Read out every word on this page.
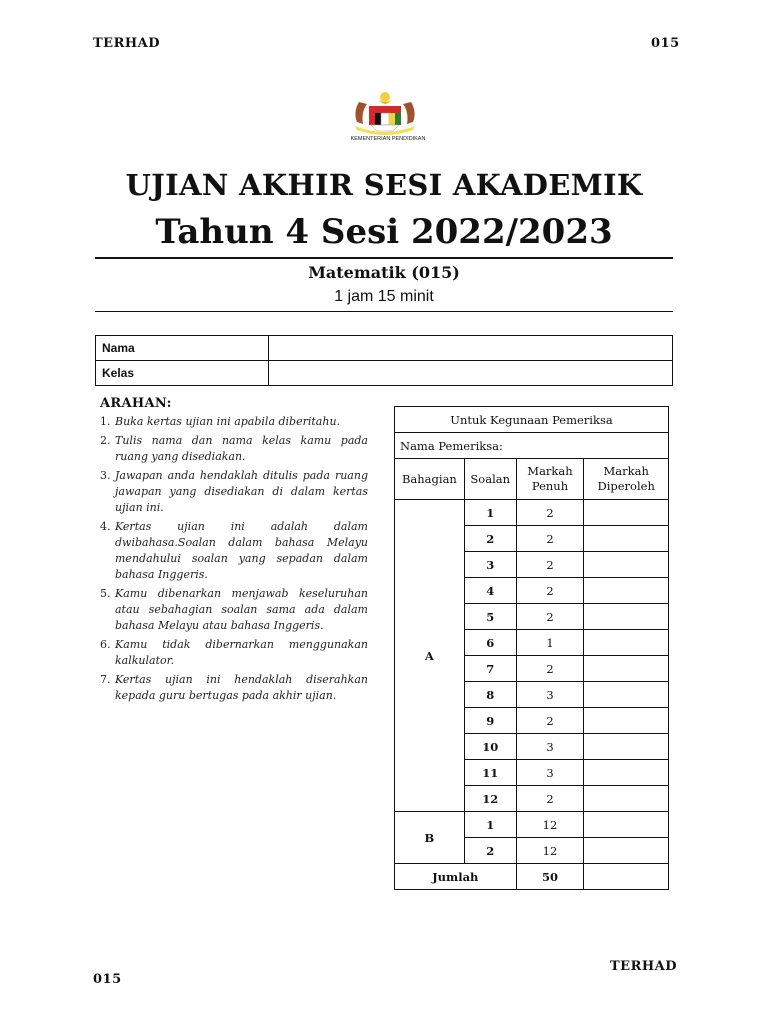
TERHAD	015
KEMENTERIAN PENDIDIKAN
UJIAN AKHIR SESI AKADEMIK
Tahun 4 Sesi 2022/2023
Matematik (015)
1 jam 15 minit
Nama	
Kelas	
ARAHAN:
1. Buka kertas ujian ini apabila diberitahu.
2. Tulis nama dan nama kelas kamu pada ruang yang disediakan.
3. Jawapan anda hendaklah ditulis pada ruang jawapan yang disediakan di dalam kertas ujian ini.
4. Kertas ujian ini adalah dalam dwibahasa.Soalan dalam bahasa Melayu mendahului soalan yang sepadan dalam bahasa Inggeris.
5. Kamu dibenarkan menjawab keseluruhan atau sebahagian soalan sama ada dalam bahasa Melayu atau bahasa Inggeris.
6. Kamu tidak dibernarkan menggunakan kalkulator.
7. Kertas ujian ini hendaklah diserahkan kepada guru bertugas pada akhir ujian.
Untuk Kegunaan Pemeriksa			
Nama Pemeriksa:			
Bahagian	Soalan	Markah Penuh	Markah Diperoleh
A	1	2	
	2	2	
	3	2	
	4	2	
	5	2	
	6	1	
	7	2	
	8	3	
	9	2	
	10	3	
	11	3	
	12	2	
B	1	12	
	2	12	
Jumlah		50	
015
TERHAD
